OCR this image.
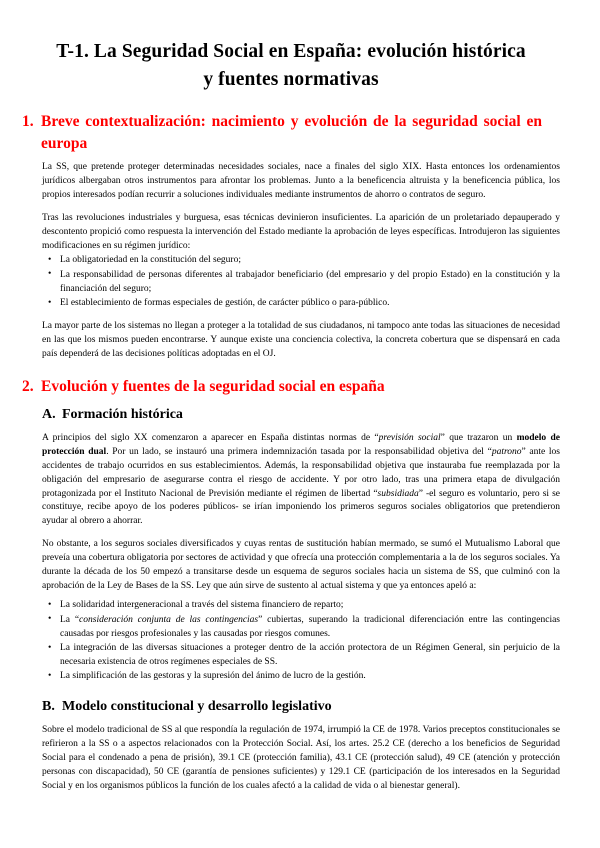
T-1. La Seguridad Social en España: evolución histórica y fuentes normativas
1. Breve contextualización: nacimiento y evolución de la seguridad social en europa

La SS, que pretende proteger determinadas necesidades sociales, nace a finales del siglo XIX. Hasta entonces los ordenamientos jurídicos albergaban otros instrumentos para afrontar los problemas. Junto a la beneficencia altruista y la beneficencia pública, los propios interesados podían recurrir a soluciones individuales mediante instrumentos de ahorro o contratos de seguro.

Tras las revoluciones industriales y burguesa, esas técnicas devinieron insuficientes. La aparición de un proletariado depauperado y descontento propició como respuesta la intervención del Estado mediante la aprobación de leyes específicas. Introdujeron las siguientes modificaciones en su régimen jurídico:

• La obligatoriedad en la constitución del seguro;
• La responsabilidad de personas diferentes al trabajador beneficiario (del empresario y del propio Estado) en la constitución y la financiación del seguro;
• El establecimiento de formas especiales de gestión, de carácter público o para-público.

La mayor parte de los sistemas no llegan a proteger a la totalidad de sus ciudadanos, ni tampoco ante todas las situaciones de necesidad en las que los mismos pueden encontrarse. Y aunque existe una conciencia colectiva, la concreta cobertura que se dispensará en cada país dependerá de las decisiones políticas adoptadas en el OJ.

2. Evolución y fuentes de la seguridad social en españa
A. Formación histórica

A principios del siglo XX comenzaron a aparecer en España distintas normas de “previsión social” que trazaron un modelo de protección dual. Por un lado, se instauró una primera indemnización tasada por la responsabilidad objetiva del “patrono” ante los accidentes de trabajo ocurridos en sus establecimientos. Además, la responsabilidad objetiva que instauraba fue reemplazada por la obligación del empresario de asegurarse contra el riesgo de accidente. Y por otro lado, tras una primera etapa de divulgación protagonizada por el Instituto Nacional de Previsión mediante el régimen de libertad “subsidiada” -el seguro es voluntario, pero si se constituye, recibe apoyo de los poderes públicos- se irían imponiendo los primeros seguros sociales obligatorios que pretendieron ayudar al obrero a ahorrar.

No obstante, a los seguros sociales diversificados y cuyas rentas de sustitución habían mermado, se sumó el Mutualismo Laboral que preveía una cobertura obligatoria por sectores de actividad y que ofrecía una protección complementaria a la de los seguros sociales. Ya durante la década de los 50 empezó a transitarse desde un esquema de seguros sociales hacia un sistema de SS, que culminó con la aprobación de la Ley de Bases de la SS. Ley que aún sirve de sustento al actual sistema y que ya entonces apeló a:

• La solidaridad intergeneracional a través del sistema financiero de reparto;
• La “consideración conjunta de las contingencias” cubiertas, superando la tradicional diferenciación entre las contingencias causadas por riesgos profesionales y las causadas por riesgos comunes.
• La integración de las diversas situaciones a proteger dentro de la acción protectora de un Régimen General, sin perjuicio de la necesaria existencia de otros regímenes especiales de SS.
• La simplificación de las gestoras y la supresión del ánimo de lucro de la gestión.
B. Modelo constitucional y desarrollo legislativo

Sobre el modelo tradicional de SS al que respondía la regulación de 1974, irrumpió la CE de 1978. Varios preceptos constitucionales se refirieron a la SS o a aspectos relacionados con la Protección Social. Así, los artes. 25.2 CE (derecho a los beneficios de Seguridad Social para el condenado a pena de prisión), 39.1 CE (protección familia), 43.1 CE (protección salud), 49 CE (atención y protección personas con discapacidad), 50 CE (garantía de pensiones suficientes) y 129.1 CE (participación de los interesados en la Seguridad Social y en los organismos públicos la función de los cuales afectó a la calidad de vida o al bienestar general).
